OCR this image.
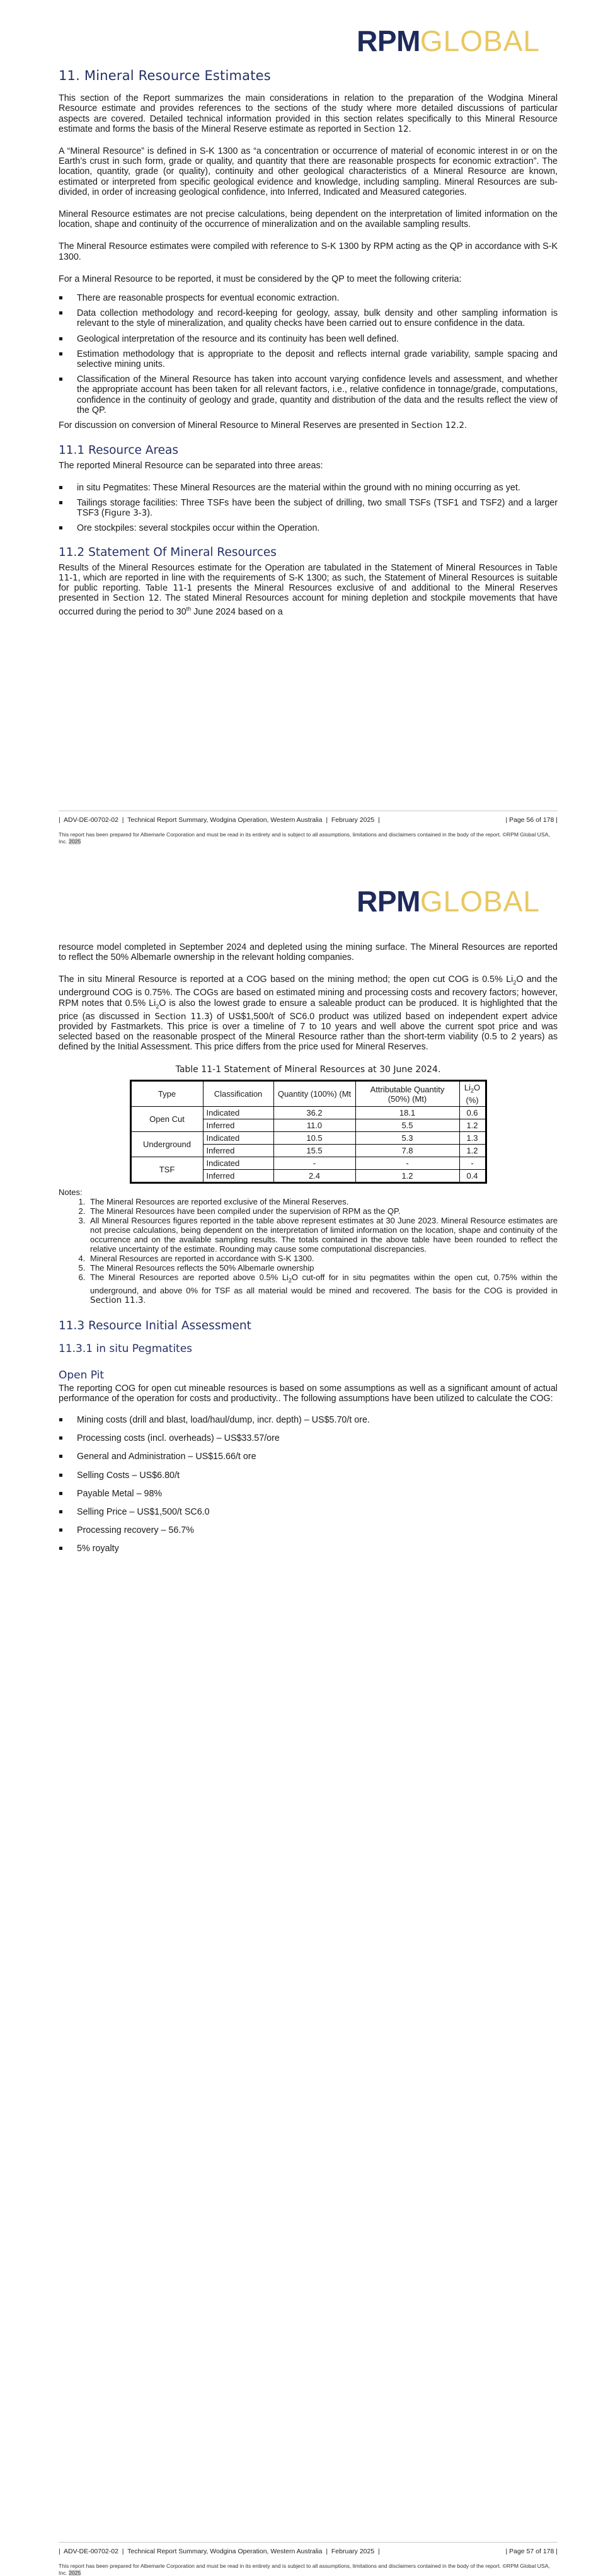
RPMGLOBAL
11. Mineral Resource Estimates

This section of the Report summarizes the main considerations in relation to the preparation of the Wodgina Mineral Resource estimate and provides references to the sections of the study where more detailed discussions of particular aspects are covered. Detailed technical information provided in this section relates specifically to this Mineral Resource estimate and forms the basis of the Mineral Reserve estimate as reported in Section 12.

A “Mineral Resource” is defined in S-K 1300 as “a concentration or occurrence of material of economic interest in or on the Earth’s crust in such form, grade or quality, and quantity that there are reasonable prospects for economic extraction”. The location, quantity, grade (or quality), continuity and other geological characteristics of a Mineral Resource are known, estimated or interpreted from specific geological evidence and knowledge, including sampling. Mineral Resources are sub-divided, in order of increasing geological confidence, into Inferred, Indicated and Measured categories.

Mineral Resource estimates are not precise calculations, being dependent on the interpretation of limited information on the location, shape and continuity of the occurrence of mineralization and on the available sampling results.

The Mineral Resource estimates were compiled with reference to S-K 1300 by RPM acting as the QP in accordance with S-K 1300.

For a Mineral Resource to be reported, it must be considered by the QP to meet the following criteria:

There are reasonable prospects for eventual economic extraction.
Data collection methodology and record-keeping for geology, assay, bulk density and other sampling information is relevant to the style of mineralization, and quality checks have been carried out to ensure confidence in the data.
Geological interpretation of the resource and its continuity has been well defined.
Estimation methodology that is appropriate to the deposit and reflects internal grade variability, sample spacing and selective mining units.
Classification of the Mineral Resource has taken into account varying confidence levels and assessment, and whether the appropriate account has been taken for all relevant factors, i.e., relative confidence in tonnage/grade, computations, confidence in the continuity of geology and grade, quantity and distribution of the data and the results reflect the view of the QP.

For discussion on conversion of Mineral Resource to Mineral Reserves are presented in Section 12.2.

11.1 Resource Areas

The reported Mineral Resource can be separated into three areas:

in situ Pegmatites: These Mineral Resources are the material within the ground with no mining occurring as yet.
Tailings storage facilities: Three TSFs have been the subject of drilling, two small TSFs (TSF1 and TSF2) and a larger TSF3 (Figure 3-3).
Ore stockpiles: several stockpiles occur within the Operation.
11.2 Statement Of Mineral Resources

Results of the Mineral Resources estimate for the Operation are tabulated in the Statement of Mineral Resources in Table 11-1, which are reported in line with the requirements of S-K 1300; as such, the Statement of Mineral Resources is suitable for public reporting. Table 11-1 presents the Mineral Resources exclusive of and additional to the Mineral Reserves presented in Section 12. The stated Mineral Resources account for mining depletion and stockpile movements that have occurred during the period to 30th June 2024 based on a

|  ADV-DE-00702-02  |  Technical Report Summary, Wodgina Operation, Western Australia  |  February 2025  |	| Page 56 of 178 |
This report has been prepared for Albemarle Corporation and must be read in its entirety and is subject to all assumptions, limitations and disclaimers contained in the body of the report. ©RPM Global USA, Inc. 2025
RPMGLOBAL

resource model completed in September 2024 and depleted using the mining surface. The Mineral Resources are reported to reflect the 50% Albemarle ownership in the relevant holding companies.

The in situ Mineral Resource is reported at a COG based on the mining method; the open cut COG is 0.5% $Li_2O$ and the underground COG is 0.75%. The COGs are based on estimated mining and processing costs and recovery factors; however, RPM notes that 0.5% $Li_2O$ is also the lowest grade to ensure a saleable product can be produced. It is highlighted that the price (as discussed in Section 11.3) of US$1,500/t of SC6.0 product was utilized based on independent expert advice provided by Fastmarkets. This price is over a timeline of 7 to 10 years and well above the current spot price and was selected based on the reasonable prospect of the Mineral Resource rather than the short-term viability (0.5 to 2 years) as defined by the Initial Assessment. This price differs from the price used for Mineral Reserves.

Table 11-1 Statement of Mineral Resources at 30 June 2024.
Type	Classification	Quantity (100%) (Mt	Attributable Quantity (50%) (Mt)	$Li_2O$ (%)
Open Cut	Indicated	36.2	18.1	0.6
	Inferred	11.0	5.5	1.2
Underground	Indicated	10.5	5.3	1.3
	Inferred	15.5	7.8	1.2
TSF	Indicated	-	-	-
	Inferred	2.4	1.2	0.4
Notes:
1. The Mineral Resources are reported exclusive of the Mineral Reserves.
2. The Mineral Resources have been compiled under the supervision of RPM as the QP.
3. All Mineral Resources figures reported in the table above represent estimates at 30 June 2023. Mineral Resource estimates are not precise calculations, being dependent on the interpretation of limited information on the location, shape and continuity of the occurrence and on the available sampling results. The totals contained in the above table have been rounded to reflect the relative uncertainty of the estimate. Rounding may cause some computational discrepancies.
4. Mineral Resources are reported in accordance with S-K 1300.
5. The Mineral Resources reflects the 50% Albemarle ownership
6. The Mineral Resources are reported above 0.5% $Li_2O$ cut-off for in situ pegmatites within the open cut, 0.75% within the underground, and above 0% for TSF as all material would be mined and recovered. The basis for the COG is provided in Section 11.3.
11.3 Resource Initial Assessment
11.3.1 in situ Pegmatites
Open Pit

The reporting COG for open cut mineable resources is based on some assumptions as well as a significant amount of actual performance of the operation for costs and productivity.. The following assumptions have been utilized to calculate the COG:

Mining costs (drill and blast, load/haul/dump, incr. depth) – US$5.70/t ore.
Processing costs (incl. overheads) – US$33.57/ore
General and Administration – US$15.66/t ore
Selling Costs – US$6.80/t
Payable Metal – 98%
Selling Price – US$1,500/t SC6.0
Processing recovery – 56.7%
5% royalty
|  ADV-DE-00702-02  |  Technical Report Summary, Wodgina Operation, Western Australia  |  February 2025  |	| Page 57 of 178 |
This report has been prepared for Albemarle Corporation and must be read in its entirety and is subject to all assumptions, limitations and disclaimers contained in the body of the report. ©RPM Global USA, Inc. 2025
